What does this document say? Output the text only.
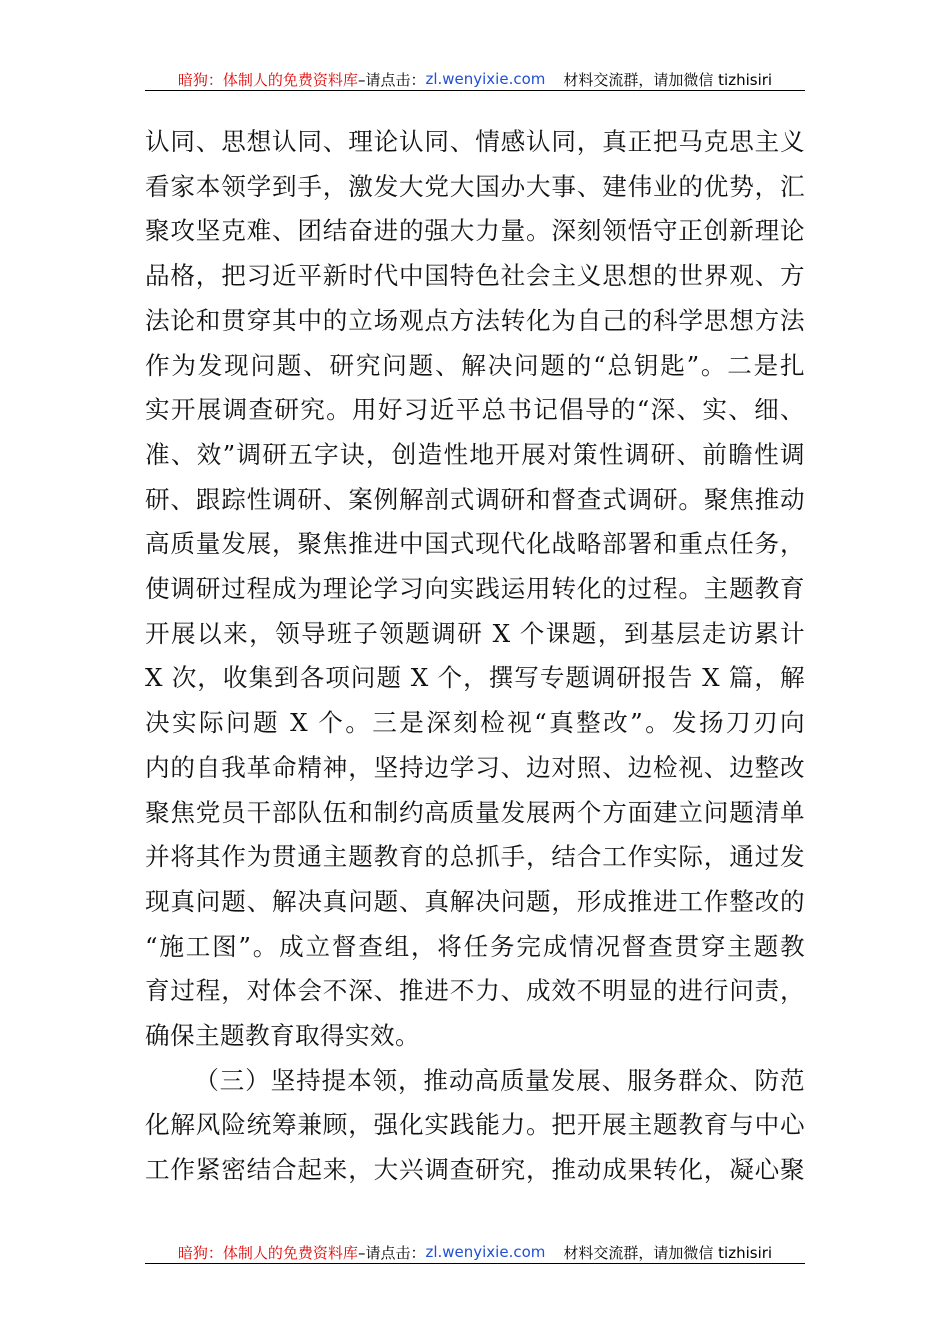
暗狗：体制人的免费资料库 –请点击： zl.wenyixie.com 材料交流群，请加微信 tizhisiri

认同、思想认同、理论认同、情感认同，真正把马克思主义
看家本领学到手，激发大党大国办大事、建伟业的优势，汇
聚攻坚克难、团结奋进的强大力量。深刻领悟守正创新理论
品格，把习近平新时代中国特色社会主义思想的世界观、方
法论和贯穿其中的立场观点方法转化为自己的科学思想方法
作为发现问题、研究问题、解决问题的“总钥匙”。二是扎
实开展调查研究。用好习近平总书记倡导的“深、实、细、
准、效”调研五字诀，创造性地开展对策性调研、前瞻性调
研、跟踪性调研、案例解剖式调研和督查式调研。聚焦推动
高质量发展，聚焦推进中国式现代化战略部署和重点任务，
使调研过程成为理论学习向实践运用转化的过程。主题教育
开展以来，领导班子领题调研 X 个课题，到基层走访累计
X 次，收集到各项问题 X 个，撰写专题调研报告 X 篇，解
决实际问题 X 个。三是深刻检视“真整改”。发扬刀刃向
内的自我革命精神，坚持边学习、边对照、边检视、边整改
聚焦党员干部队伍和制约高质量发展两个方面建立问题清单
并将其作为贯通主题教育的总抓手，结合工作实际，通过发
现真问题、解决真问题、真解决问题，形成推进工作整改的
“施工图”。成立督查组，将任务完成情况督查贯穿主题教
育过程，对体会不深、推进不力、成效不明显的进行问责，
确保主题教育取得实效。

（三）坚持提本领，推动高质量发展、服务群众、防范
化解风险统筹兼顾，强化实践能力。把开展主题教育与中心
工作紧密结合起来，大兴调查研究，推动成果转化，凝心聚

暗狗：体制人的免费资料库 –请点击： zl.wenyixie.com 材料交流群，请加微信 tizhisiri
